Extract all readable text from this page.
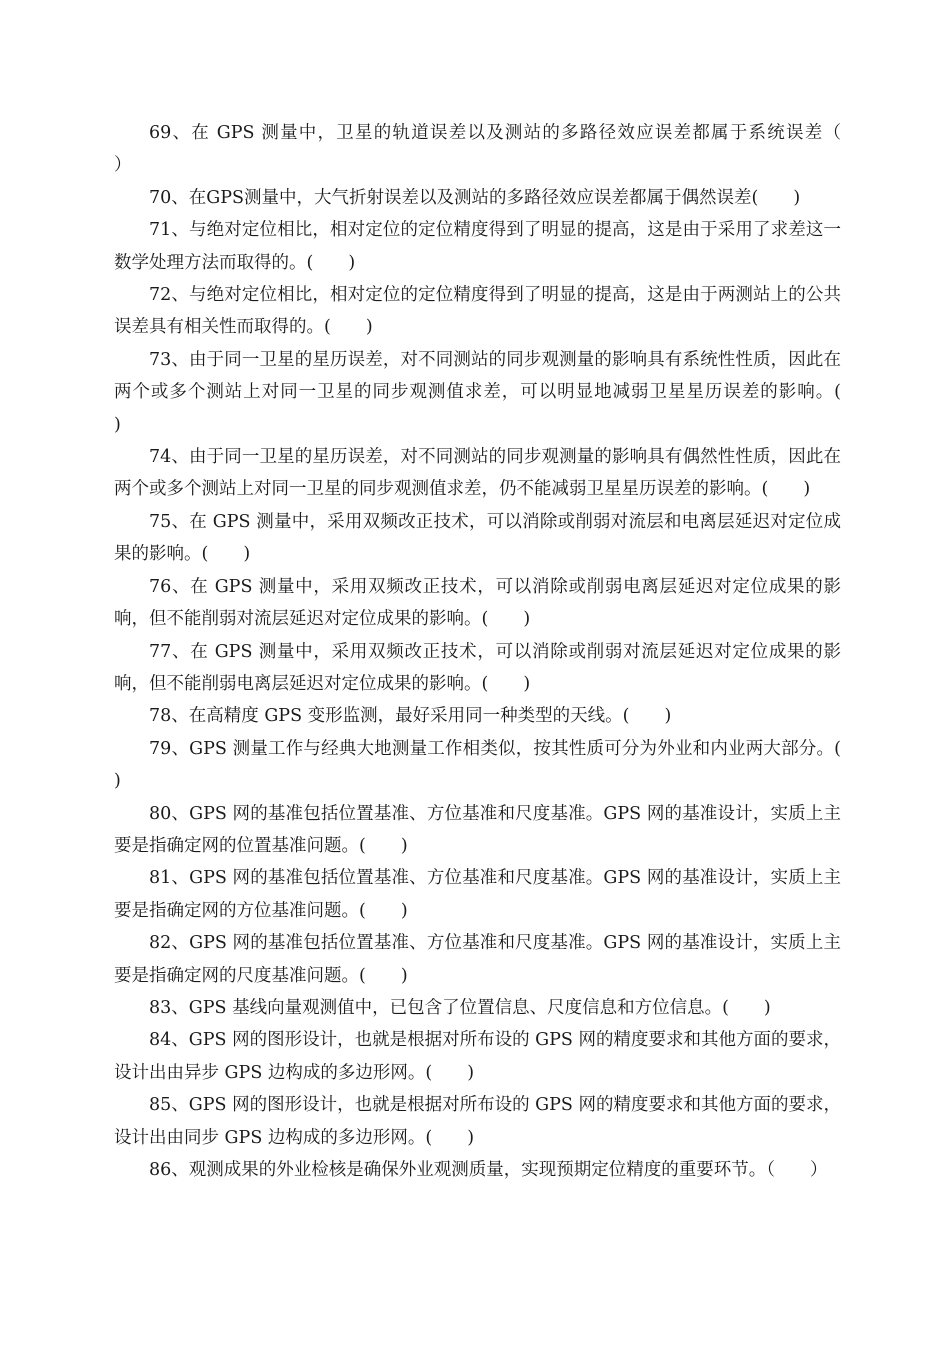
69、在 GPS 测量中，卫星的轨道误差以及测站的多路径效应误差都属于系统误差（　　）

70、在GPS测量中，大气折射误差以及测站的多路径效应误差都属于偶然误差(　　)

71、与绝对定位相比，相对定位的定位精度得到了明显的提高，这是由于采用了求差这一数学处理方法而取得的。(　　)

72、与绝对定位相比，相对定位的定位精度得到了明显的提高，这是由于两测站上的公共误差具有相关性而取得的。(　　)

73、由于同一卫星的星历误差，对不同测站的同步观测量的影响具有系统性性质，因此在两个或多个测站上对同一卫星的同步观测值求差，可以明显地减弱卫星星历误差的影响。(　　)

74、由于同一卫星的星历误差，对不同测站的同步观测量的影响具有偶然性性质，因此在两个或多个测站上对同一卫星的同步观测值求差，仍不能减弱卫星星历误差的影响。(　　)

75、在 GPS 测量中，采用双频改正技术，可以消除或削弱对流层和电离层延迟对定位成果的影响。(　　)

76、在 GPS 测量中，采用双频改正技术，可以消除或削弱电离层延迟对定位成果的影响，但不能削弱对流层延迟对定位成果的影响。(　　)

77、在 GPS 测量中，采用双频改正技术，可以消除或削弱对流层延迟对定位成果的影响，但不能削弱电离层延迟对定位成果的影响。(　　)

78、在高精度 GPS 变形监测，最好采用同一种类型的天线。(　　)

79、GPS 测量工作与经典大地测量工作相类似，按其性质可分为外业和内业两大部分。(　　)

80、GPS 网的基准包括位置基准、方位基准和尺度基准。GPS 网的基准设计，实质上主要是指确定网的位置基准问题。(　　)

81、GPS 网的基准包括位置基准、方位基准和尺度基准。GPS 网的基准设计，实质上主要是指确定网的方位基准问题。(　　)

82、GPS 网的基准包括位置基准、方位基准和尺度基准。GPS 网的基准设计，实质上主要是指确定网的尺度基准问题。(　　)

83、GPS 基线向量观测值中，已包含了位置信息、尺度信息和方位信息。(　　)

84、GPS 网的图形设计，也就是根据对所布设的 GPS 网的精度要求和其他方面的要求，设计出由异步 GPS 边构成的多边形网。(　　)

85、GPS 网的图形设计，也就是根据对所布设的 GPS 网的精度要求和其他方面的要求，设计出由同步 GPS 边构成的多边形网。(　　)

86、观测成果的外业检核是确保外业观测质量，实现预期定位精度的重要环节。（　　）
